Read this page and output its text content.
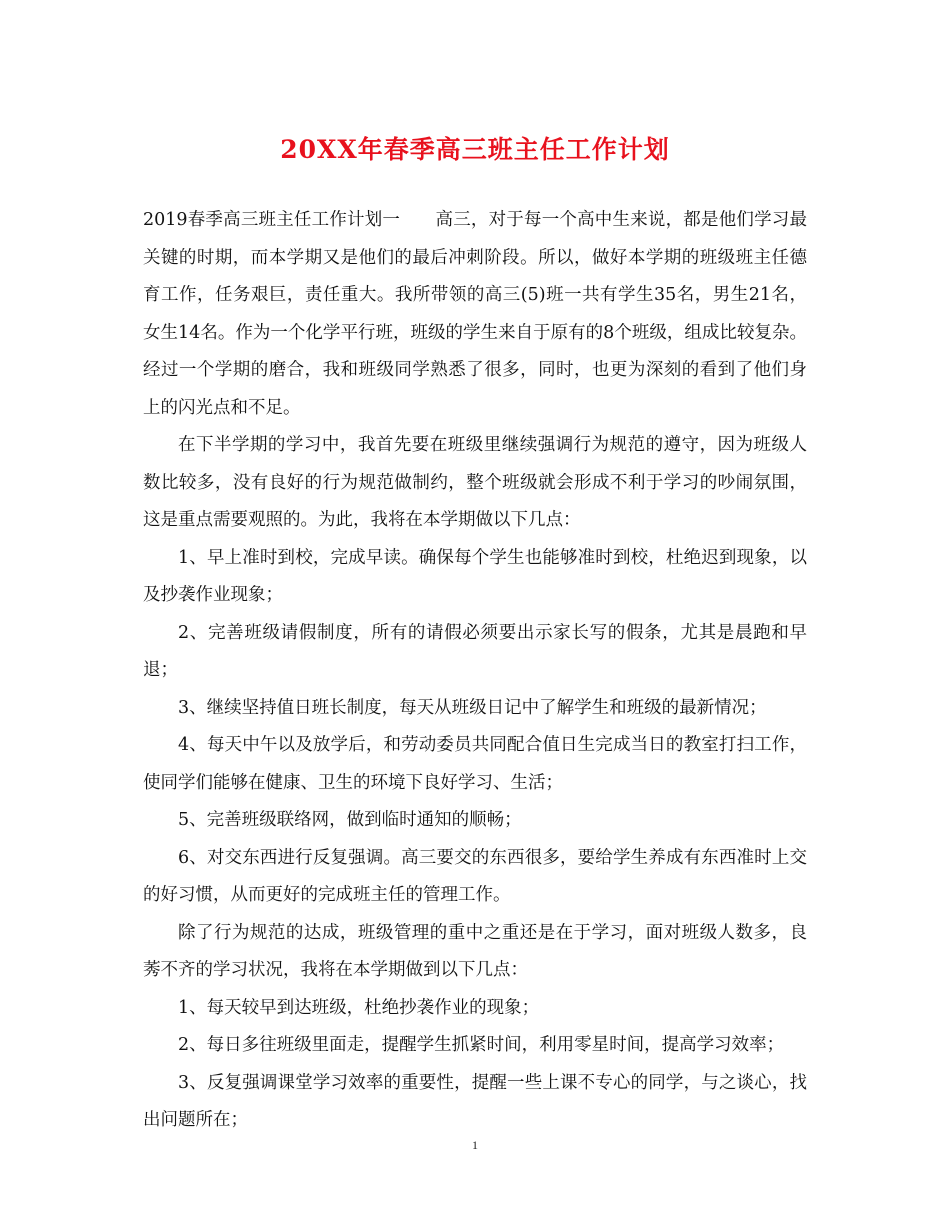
20XX年春季高三班主任工作计划

2019春季高三班主任工作计划一　　高三，对于每一个高中生来说，都是他们学习最关键的时期，而本学期又是他们的最后冲刺阶段。所以，做好本学期的班级班主任德育工作，任务艰巨，责任重大。我所带领的高三(5)班一共有学生35名，男生21名，女生14名。作为一个化学平行班，班级的学生来自于原有的8个班级，组成比较复杂。经过一个学期的磨合，我和班级同学熟悉了很多，同时，也更为深刻的看到了他们身上的闪光点和不足。

在下半学期的学习中，我首先要在班级里继续强调行为规范的遵守，因为班级人数比较多，没有良好的行为规范做制约，整个班级就会形成不利于学习的吵闹氛围，这是重点需要观照的。为此，我将在本学期做以下几点：

1、早上准时到校，完成早读。确保每个学生也能够准时到校，杜绝迟到现象，以及抄袭作业现象；

2、完善班级请假制度，所有的请假必须要出示家长写的假条，尤其是晨跑和早退；

3、继续坚持值日班长制度，每天从班级日记中了解学生和班级的最新情况；

4、每天中午以及放学后，和劳动委员共同配合值日生完成当日的教室打扫工作，使同学们能够在健康、卫生的环境下良好学习、生活；

5、完善班级联络网，做到临时通知的顺畅；

6、对交东西进行反复强调。高三要交的东西很多，要给学生养成有东西准时上交的好习惯，从而更好的完成班主任的管理工作。

除了行为规范的达成，班级管理的重中之重还是在于学习，面对班级人数多，良莠不齐的学习状况，我将在本学期做到以下几点：

1、每天较早到达班级，杜绝抄袭作业的现象；

2、每日多往班级里面走，提醒学生抓紧时间，利用零星时间，提高学习效率；

3、反复强调课堂学习效率的重要性，提醒一些上课不专心的同学，与之谈心，找出问题所在；

1
